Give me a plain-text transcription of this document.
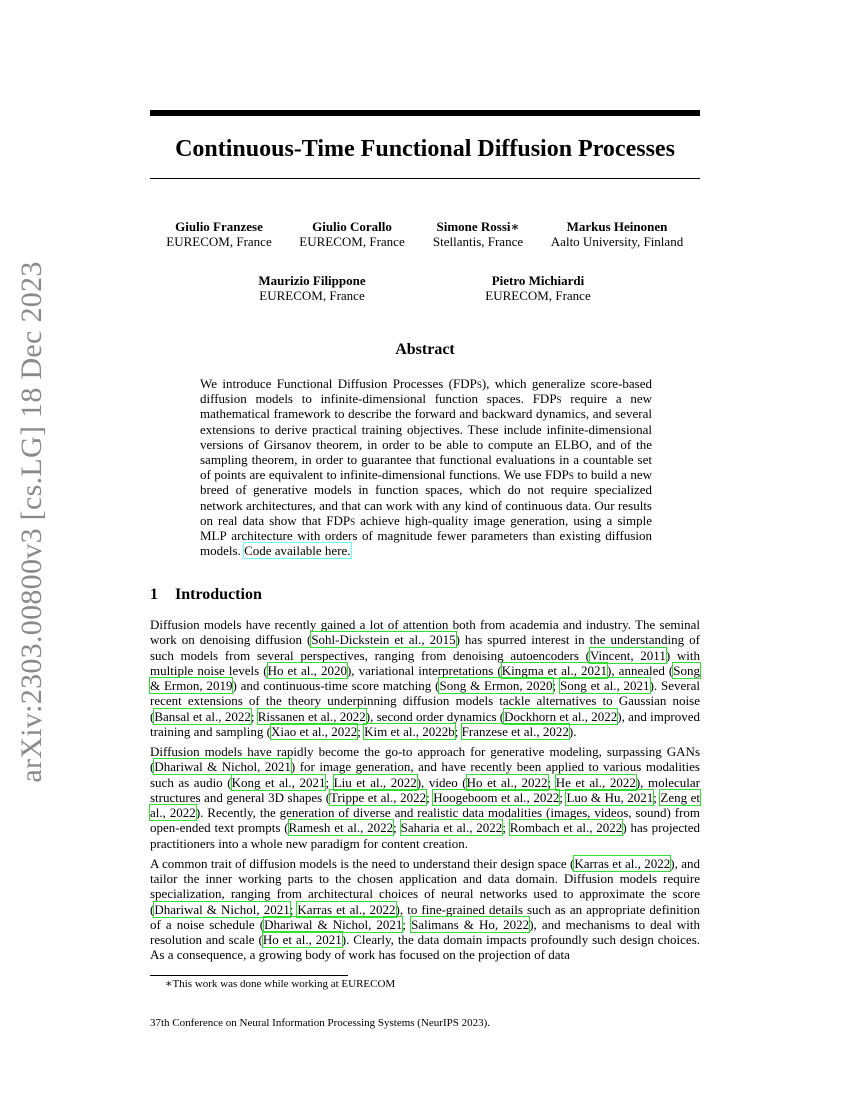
arXiv:2303.00800v3 [cs.LG] 18 Dec 2023
Continuous-Time Functional Diffusion Processes
Giulio Franzese
EURECOM, France
Giulio Corallo
EURECOM, France
Simone Rossi∗
Stellantis, France
Markus Heinonen
Aalto University, Finland
Maurizio Filippone
EURECOM, France
Pietro Michiardi
EURECOM, France
Abstract

We introduce Functional Diffusion Processes (FDPs), which generalize score-based diffusion models to infinite-dimensional function spaces. FDPs require a new mathematical framework to describe the forward and backward dynamics, and several extensions to derive practical training objectives. These include infinite-dimensional versions of Girsanov theorem, in order to be able to compute an ELBO, and of the sampling theorem, in order to guarantee that functional evaluations in a countable set of points are equivalent to infinite-dimensional functions. We use FDPs to build a new breed of generative models in function spaces, which do not require specialized network architectures, and that can work with any kind of continuous data. Our results on real data show that FDPs achieve high-quality image generation, using a simple MLP architecture with orders of magnitude fewer parameters than existing diffusion models. Code available here.

1 Introduction

Diffusion models have recently gained a lot of attention both from academia and industry. The seminal work on denoising diffusion (Sohl-Dickstein et al., 2015) has spurred interest in the understanding of such models from several perspectives, ranging from denoising autoencoders (Vincent, 2011) with multiple noise levels (Ho et al., 2020), variational interpretations (Kingma et al., 2021), annealed (Song & Ermon, 2019) and continuous-time score matching (Song & Ermon, 2020; Song et al., 2021). Several recent extensions of the theory underpinning diffusion models tackle alternatives to Gaussian noise (Bansal et al., 2022; Rissanen et al., 2022), second order dynamics (Dockhorn et al., 2022), and improved training and sampling (Xiao et al., 2022; Kim et al., 2022b; Franzese et al., 2022).

Diffusion models have rapidly become the go-to approach for generative modeling, surpassing GANs (Dhariwal & Nichol, 2021) for image generation, and have recently been applied to various modalities such as audio (Kong et al., 2021; Liu et al., 2022), video (Ho et al., 2022; He et al., 2022), molecular structures and general 3D shapes (Trippe et al., 2022; Hoogeboom et al., 2022; Luo & Hu, 2021; Zeng et al., 2022). Recently, the generation of diverse and realistic data modalities (images, videos, sound) from open-ended text prompts (Ramesh et al., 2022; Saharia et al., 2022; Rombach et al., 2022) has projected practitioners into a whole new paradigm for content creation.

A common trait of diffusion models is the need to understand their design space (Karras et al., 2022), and tailor the inner working parts to the chosen application and data domain. Diffusion models require specialization, ranging from architectural choices of neural networks used to approximate the score (Dhariwal & Nichol, 2021; Karras et al., 2022), to fine-grained details such as an appropriate definition of a noise schedule (Dhariwal & Nichol, 2021; Salimans & Ho, 2022), and mechanisms to deal with resolution and scale (Ho et al., 2021). Clearly, the data domain impacts profoundly such design choices. As a consequence, a growing body of work has focused on the projection of data

∗This work was done while working at EURECOM
37th Conference on Neural Information Processing Systems (NeurIPS 2023).
